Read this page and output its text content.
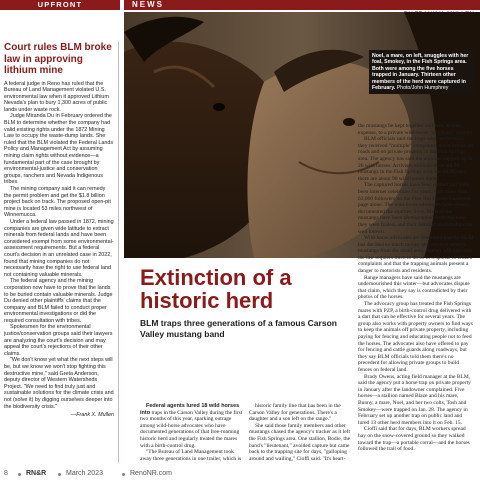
UPFRONT	NEWS
Noel, a mare, on left, snuggles with her foal, Smokey, in the Fish Springs area. Both were among the five horses trapped in January. Thirteen other members of the herd were captured in February. Photo/John Humphrey
Court rules BLM broke law in approving lithium mine

A federal judge in Reno has ruled that the Bureau of Land Management violated U.S. environmental law when it approved Lithium Nevada's plan to bury 1,300 acres of public lands under waste rock.

Judge Miranda Du in February ordered the BLM to determine whether the company had valid existing rights under the 1872 Mining Law to occupy the waste-dump lands. She ruled that the BLM violated the Federal Lands Policy and Management Act by assuming mining claim rights without evidence—a fundamental part of the case brought by environmental-justice and conservation groups, ranchers and Nevada Indigenous tribes.

The mining company said it can remedy the permit problem and get the $1.8 billion project back on track. The proposed open-pit mine is located 53 miles northwest of Winnemucca.

Under a federal law passed in 1872, mining companies are given wide latitude to extract minerals from federal lands and have been considered exempt from some environmental-assessment requirements. But a federal court's decision in an unrelated case in 2022, found that mining companies do not necessarily have the right to use federal land not containing valuable minerals.

The federal agency and the mining corporation now have to prove that the lands to be buried contain valuable minerals. Judge Du denied other plaintiffs' claims that the company and BLM failed to conduct proper environmental investigations or did the required consultation with tribes.

Spokesmen for the environmental justice/conservation groups said their lawyers are analyzing the court's decision and may appeal the court's rejections of their other claims.

"We don't know yet what the next steps will be, but we know we won't stop fighting this destructive mine," said Greta Anderson, deputy director of Western Watersheds Project. "We need to find truly just and sustainable solutions for the climate crisis and not (solve it) by digging ourselves deeper into the biodiversity crisis."

—Frank X. Mullen

Extinction of a historic herd
BLM traps three generations of a famous Carson Valley mustang band

Federal agents lured 18 wild horses into traps in the Carson Valley during the first two months of this year, sparking outrage among wild-horse advocates who have documented generations of that free-roaming historic herd and regularly treated the mares with a birth-control drug.

"The Bureau of Land Management took away three generations in one trailer, which is

historic family line that has been in the Carson Valley for generations. There's a daughter and a son left on the range."

She said those family members and other mustangs chased the agency's tracker as it left the Fish Springs area. One stallion, Bodie, the band's "lieutenant," avoided capture but came back to the trapping site for days, "galloping around and wailing," Cioffi said. "It's heart-

the mustangs be kept together and sent, at their expense, to a private wild-horse "sanctuary" pasture.

BLM officials said the traps were set because they received "multiple" complaints about horses on roads and on private property in the Fish Springs area. The agency has said the area can support up to 26 wild horses. Activists estimate there are 79 mustangs in the Fish Springs area; the BLM says there are about 90 wild horses there.

The captured horses have been named and have been internet celebrities for years, with more than 63,000 followers on the Pine Nut Horses Facebook page alone. The wild-horse advocates have closely documented the equines' lives. Most of the mustangs have been photographed from the time they were foaled, and their familial relationships are well known.

Wild-horse advocates are frustrated that the BLM has decided so much money and effort to remove mustangs from the small area. Agency officials said the law requires them to do so in response to citizen complaints and that the trapping animals present a danger to motorists and residents.

Range managers have said the mustangs are undernourished this winter—but advocates dispute that claim, which they say is contradicted by their photos of the horses.

The advocacy group has treated the Fish Springs mares with PZP, a birth-control drug delivered with a dart that can be effective for several years. The group also works with property owners to find ways to keep the animals off private property, including paying for fencing and educating people not to feed the horses. The advocates also have offered to pay for fencing and cattle guards along roadways, but they say BLM officials told them there's no precedent for allowing private groups to build fences on federal land.

Brady Owens, acting field manager at the BLM, said the agency put a horse trap on private property in January after the landowner complained. Five horses—a stallion named Blaze and his mare, Bunny, a mare, Noel, and her two colts, Tosh and Smokey—were trapped on Jan. 28. The agency in February set up another trap on public land and lured 13 other herd members into it on Feb. 15.

Cioffi said that for days, BLM workers spread hay on the snow-covered ground so they walked toward the trap—a portable corral—and the horses followed the trail of food.

8	RN&R	March 2023	RenoNR.com
